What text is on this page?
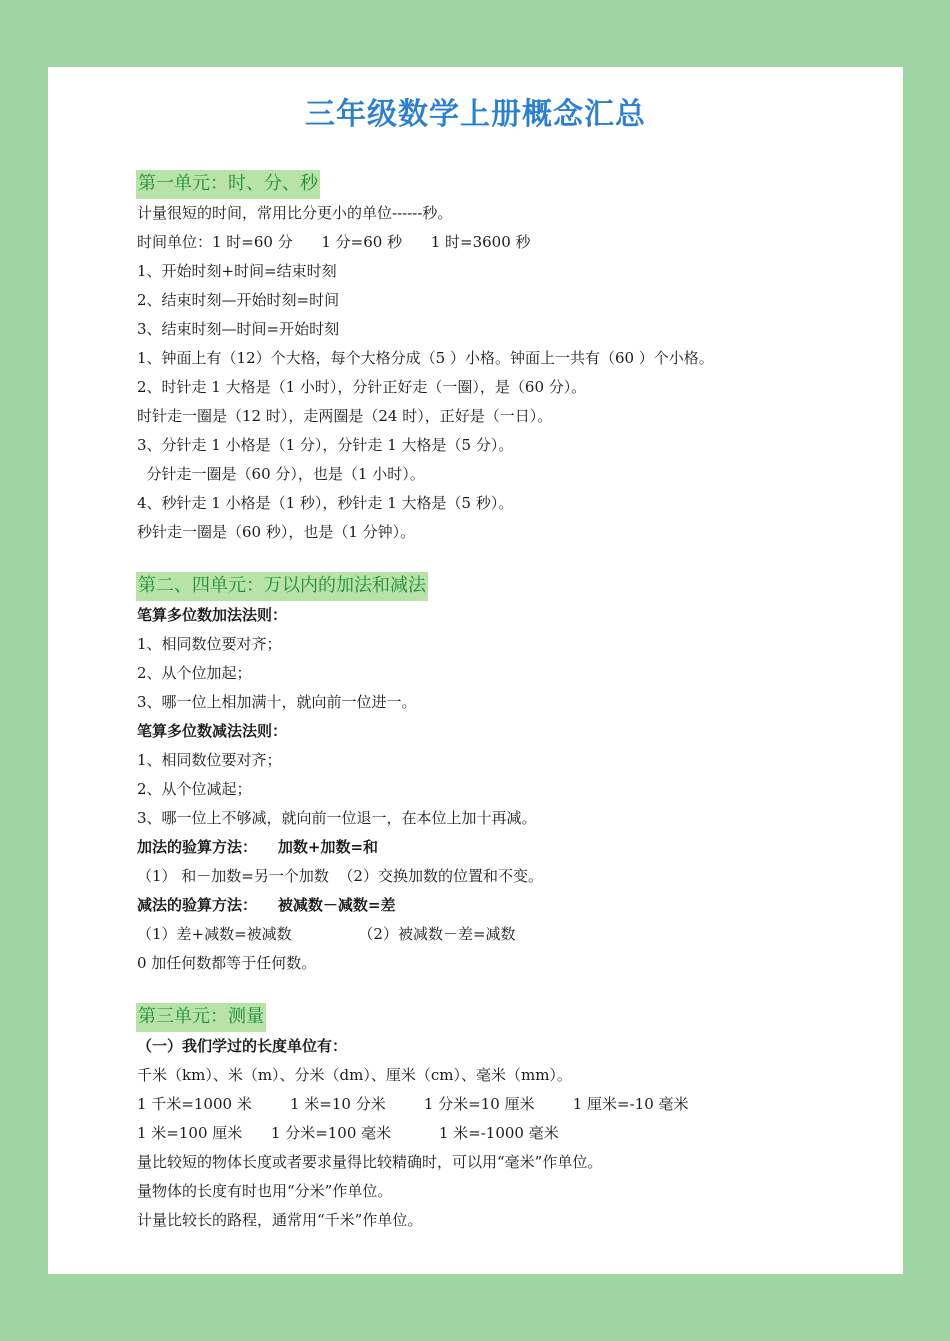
三年级数学上册概念汇总
第一单元：时、分、秒
计量很短的时间，常用比分更小的单位------秒。
时间单位：1 时=60 分      1 分=60 秒      1 时=3600 秒
1、开始时刻+时间=结束时刻
2、结束时刻—开始时刻=时间
3、结束时刻—时间=开始时刻
1、钟面上有（12）个大格，每个大格分成（5 ）小格。钟面上一共有（60 ）个小格。
2、时针走 1 大格是（1 小时），分针正好走（一圈），是（60 分）。
时针走一圈是（12 时），走两圈是（24 时），正好是（一日）。
3、分针走 1 小格是（1 分），分针走 1 大格是（5 分）。
分针走一圈是（60 分），也是（1 小时）。
4、秒针走 1 小格是（1 秒），秒针走 1 大格是（5 秒）。
秒针走一圈是（60 秒），也是（1 分钟）。
第二、四单元：万以内的加法和减法
笔算多位数加法法则：
1、相同数位要对齐；
2、从个位加起；
3、哪一位上相加满十，就向前一位进一。
笔算多位数减法法则：
1、相同数位要对齐；
2、从个位减起；
3、哪一位上不够减，就向前一位退一，在本位上加十再减。
加法的验算方法：    加数+加数=和
（1） 和－加数=另一个加数  （2）交换加数的位置和不变。
减法的验算方法：    被减数－减数=差
（1）差+减数=被减数              （2）被减数－差=减数
0 加任何数都等于任何数。
第三单元：测量
（一）我们学过的长度单位有：
千米（km）、米（m）、分米（dm）、厘米（cm）、毫米（mm）。
1 千米=1000 米        1 米=10 分米        1 分米=10 厘米        1 厘米=-10 毫米
1 米=100 厘米      1 分米=100 毫米          1 米=-1000 毫米
量比较短的物体长度或者要求量得比较精确时，可以用“毫米”作单位。
量物体的长度有时也用“分米”作单位。
计量比较长的路程，通常用“千米”作单位。
